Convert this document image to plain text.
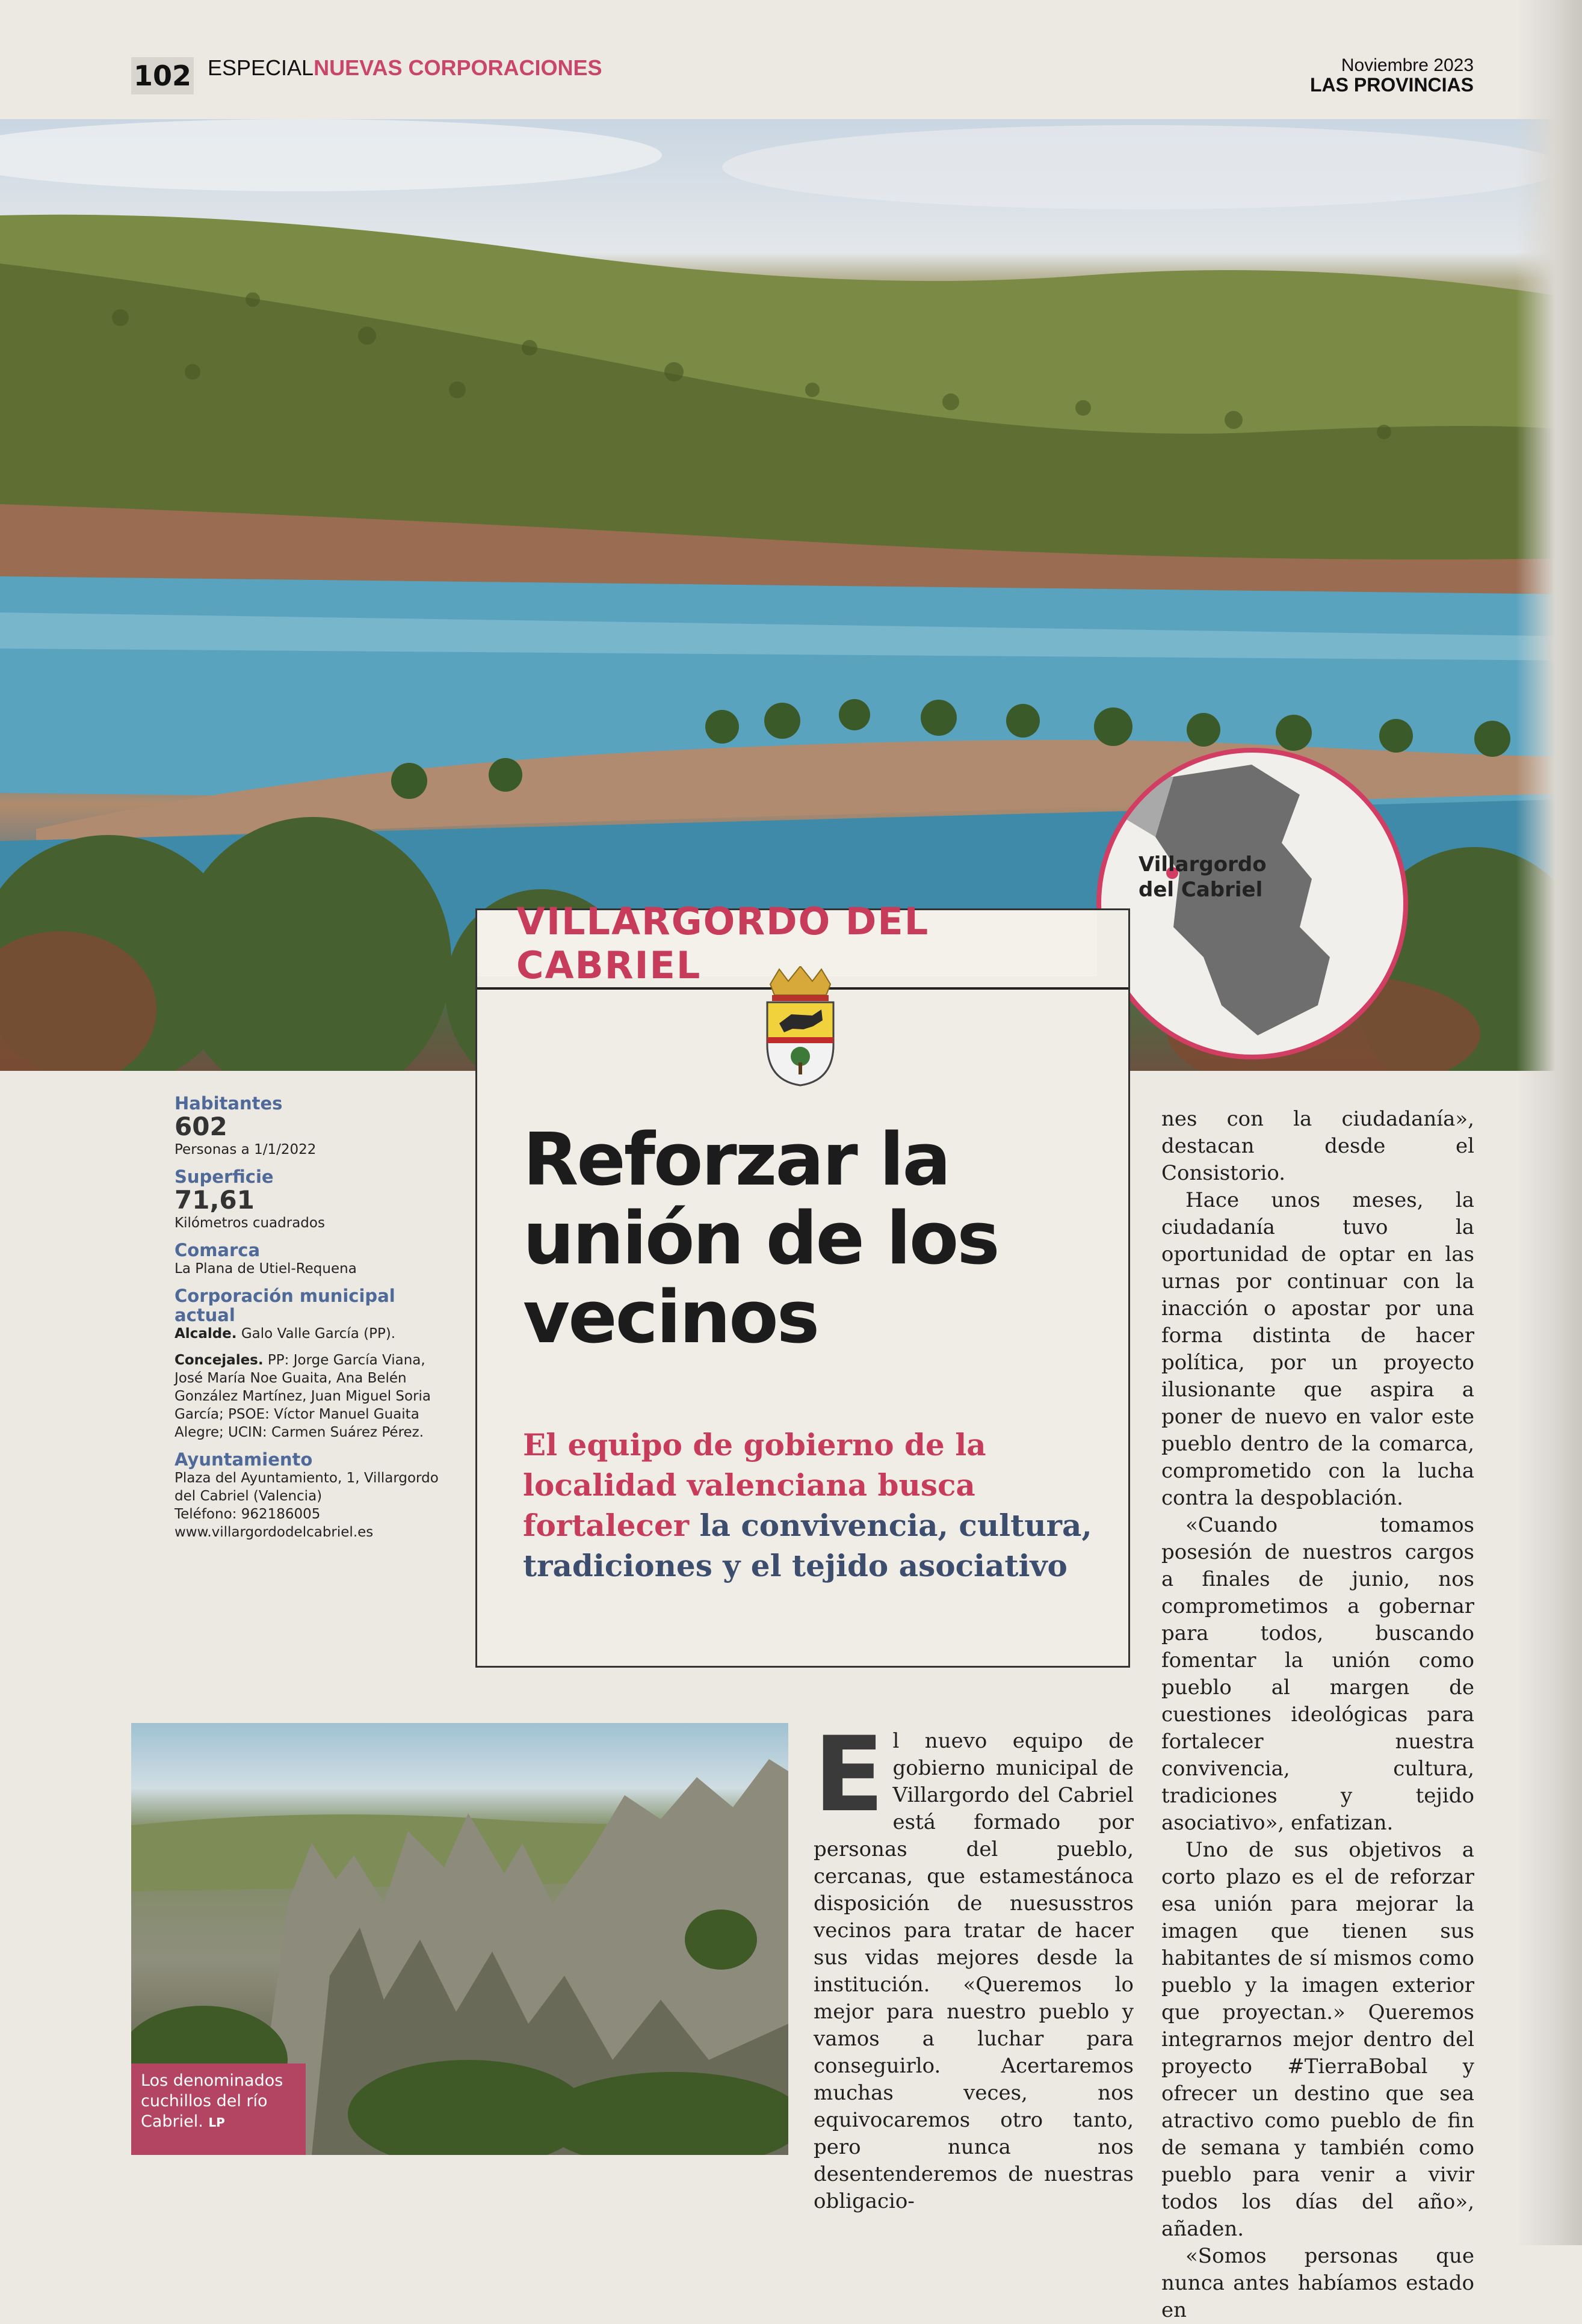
102 ESPECIALNUEVAS CORPORACIONES	Noviembre 2023
LAS PROVINCIAS
Villargordo
del Cabriel
VILLARGORDO DEL CABRIEL
Reforzar la unión de los vecinos
El equipo de gobierno de la localidad valenciana busca fortalecer la convivencia, cultura, tradiciones y el tejido asociativo
Habitantes
602
Personas a 1/1/2022
Superficie
71,61
Kilómetros cuadrados
Comarca
La Plana de Utiel-Requena
Corporación municipal actual
Alcalde. Galo Valle García (PP).
Concejales. PP: Jorge García Viana, José María Noe Guaita, Ana Belén González Martínez, Juan Miguel Soria García; PSOE: Víctor Manuel Guaita Alegre; UCIN: Carmen Suárez Pérez.
Ayuntamiento
Plaza del Ayuntamiento, 1, Villargordo del Cabriel (Valencia)
Teléfono: 962186005
www.villargordodelcabriel.es
Los denominados cuchillos del río Cabriel. LP
E l nuevo equipo de gobierno municipal de Villargordo del Cabriel está formado por personas del pueblo, cercanas, que estamestánосa disposición de nuesusstros vecinos para tratar de hacer sus vidas mejores desde la institución. «Queremos lo mejor para nuestro pueblo y vamos a luchar para conseguirlo. Acertaremos muchas veces, nos equivocaremos otro tanto, pero nunca nos desentenderemos de nuestras obligacio-

nes con la ciudadanía», destacan desde el Consistorio.

Hace unos meses, la ciudadanía tuvo la oportunidad de optar en las urnas por continuar con la inacción o apostar por una forma distinta de hacer política, por un proyecto ilusionante que aspira a poner de nuevo en valor este pueblo dentro de la comarca, comprometido con la lucha contra la despoblación.

«Cuando tomamos posesión de nuestros cargos a finales de junio, nos comprometimos a gobernar para todos, buscando fomentar la unión como pueblo al margen de cuestiones ideológicas para fortalecer nuestra convivencia, cultura, tradiciones y tejido asociativo», enfatizan.

Uno de sus objetivos a corto plazo es el de reforzar esa unión para mejorar la imagen que tienen sus habitantes de sí mismos como pueblo y la imagen exterior que proyectan.» Queremos integrarnos mejor dentro del proyecto #TierraBobal y ofrecer un destino que sea atractivo como pueblo de fin de semana y también como pueblo para venir a vivir todos los días del año», añaden.

«Somos personas que nunca antes habíamos estado en
